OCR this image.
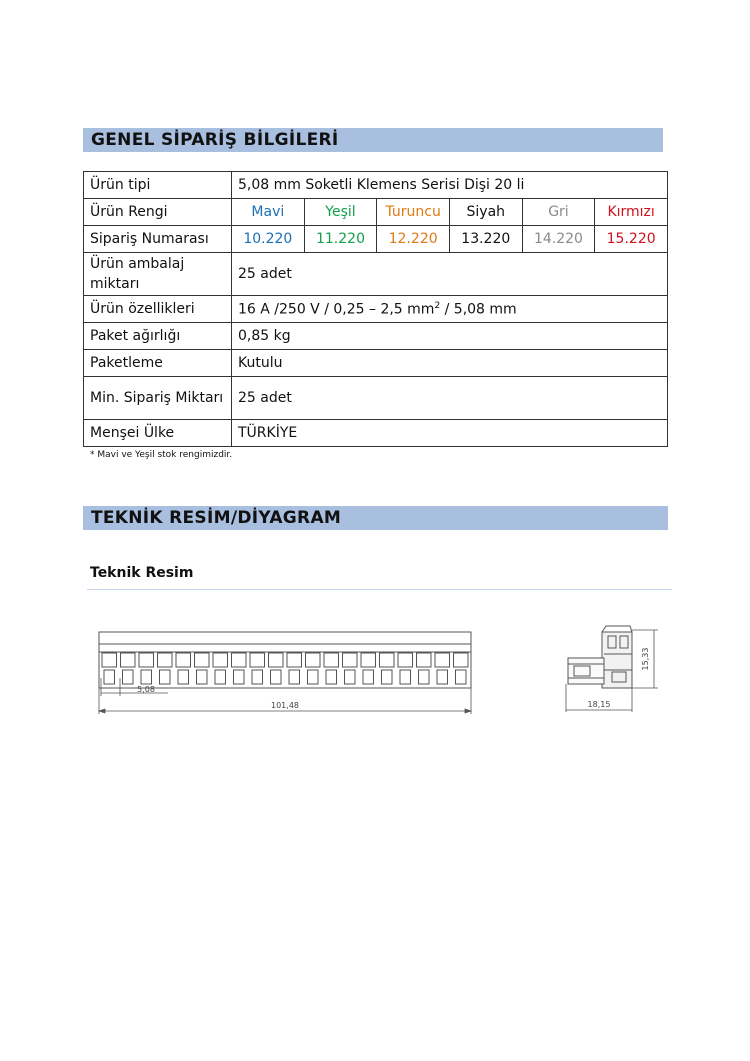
GENEL SİPARİŞ BİLGİLERİ
Ürün tipi	5,08 mm Soketli Klemens Serisi Dişi 20 li					
Ürün Rengi	Mavi	Yeşil	Turuncu	Siyah	Gri	Kırmızı
Sipariş Numarası	10.220	11.220	12.220	13.220	14.220	15.220
Ürün ambalaj miktarı	25 adet					
Ürün özellikleri	16 A /250 V / 0,25 – 2,5 $mm^2 / 5,08$ mm					
Paket ağırlığı	0,85 kg					
Paketleme	Kutulu					
Min. Sipariş Miktarı	25 adet					
Menşei Ülke	TÜRKİYE					
* Mavi ve Yeşil stok rengimizdir.
TEKNİK RESİM/DİYAGRAM
Teknik Resim
5,08
101,48
15,33
18,15
